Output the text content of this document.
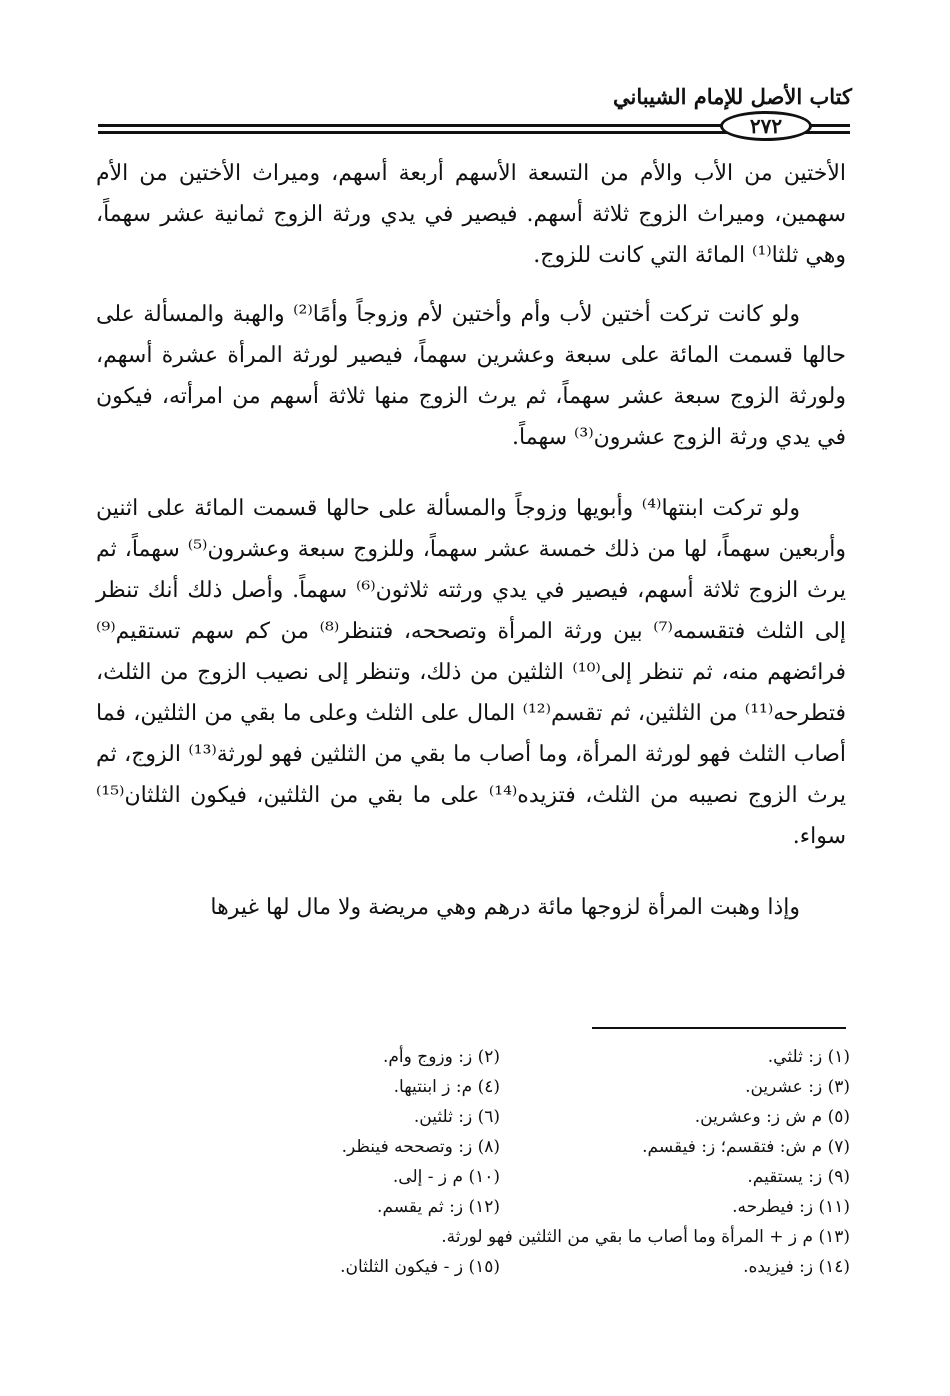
كتاب الأصل للإمام الشيباني
٢٧٢

الأختين من الأب والأم من التسعة الأسهم أربعة أسهم، وميراث الأختين من الأم سهمين، وميراث الزوج ثلاثة أسهم. فيصير في يدي ورثة الزوج ثمانية عشر سهماً، وهي ثلثا⁽¹⁾ المائة التي كانت للزوج.

ولو كانت تركت أختين لأب وأم وأختين لأم وزوجاً وأمًا⁽²⁾ والهبة والمسألة على حالها قسمت المائة على سبعة وعشرين سهماً، فيصير لورثة المرأة عشرة أسهم، ولورثة الزوج سبعة عشر سهماً، ثم يرث الزوج منها ثلاثة أسهم من امرأته، فيكون في يدي ورثة الزوج عشرون⁽³⁾ سهماً.

ولو تركت ابنتها⁽⁴⁾ وأبويها وزوجاً والمسألة على حالها قسمت المائة على اثنين وأربعين سهماً، لها من ذلك خمسة عشر سهماً، وللزوج سبعة وعشرون⁽⁵⁾ سهماً، ثم يرث الزوج ثلاثة أسهم، فيصير في يدي ورثته ثلاثون⁽⁶⁾ سهماً. وأصل ذلك أنك تنظر إلى الثلث فتقسمه⁽⁷⁾ بين ورثة المرأة وتصححه، فتنظر⁽⁸⁾ من كم سهم تستقيم⁽⁹⁾ فرائضهم منه، ثم تنظر إلى⁽¹⁰⁾ الثلثين من ذلك، وتنظر إلى نصيب الزوج من الثلث، فتطرحه⁽¹¹⁾ من الثلثين، ثم تقسم⁽¹²⁾ المال على الثلث وعلى ما بقي من الثلثين، فما أصاب الثلث فهو لورثة المرأة، وما أصاب ما بقي من الثلثين فهو لورثة⁽¹³⁾ الزوج، ثم يرث الزوج نصيبه من الثلث، فتزيده⁽¹⁴⁾ على ما بقي من الثلثين، فيكون الثلثان⁽¹⁵⁾ سواء.

وإذا وهبت المرأة لزوجها مائة درهم وهي مريضة ولا مال لها غيرها

(١) ز: ثلثي.
(٢) ز: وزوج وأم.
(٣) ز: عشرين.
(٤) م: ز ابنتيها.
(٥) م ش ز: وعشرين.
(٦) ز: ثلثين.
(٧) م ش: فتقسم؛ ز: فيقسم.
(٨) ز: وتصححه فينظر.
(٩) ز: يستقيم.
(١٠) م ز - إلى.
(١١) ز: فيطرحه.
(١٢) ز: ثم يقسم.
(١٣) م ز + المرأة وما أصاب ما بقي من الثلثين فهو لورثة.
(١٤) ز: فيزيده.
(١٥) ز - فيكون الثلثان.
